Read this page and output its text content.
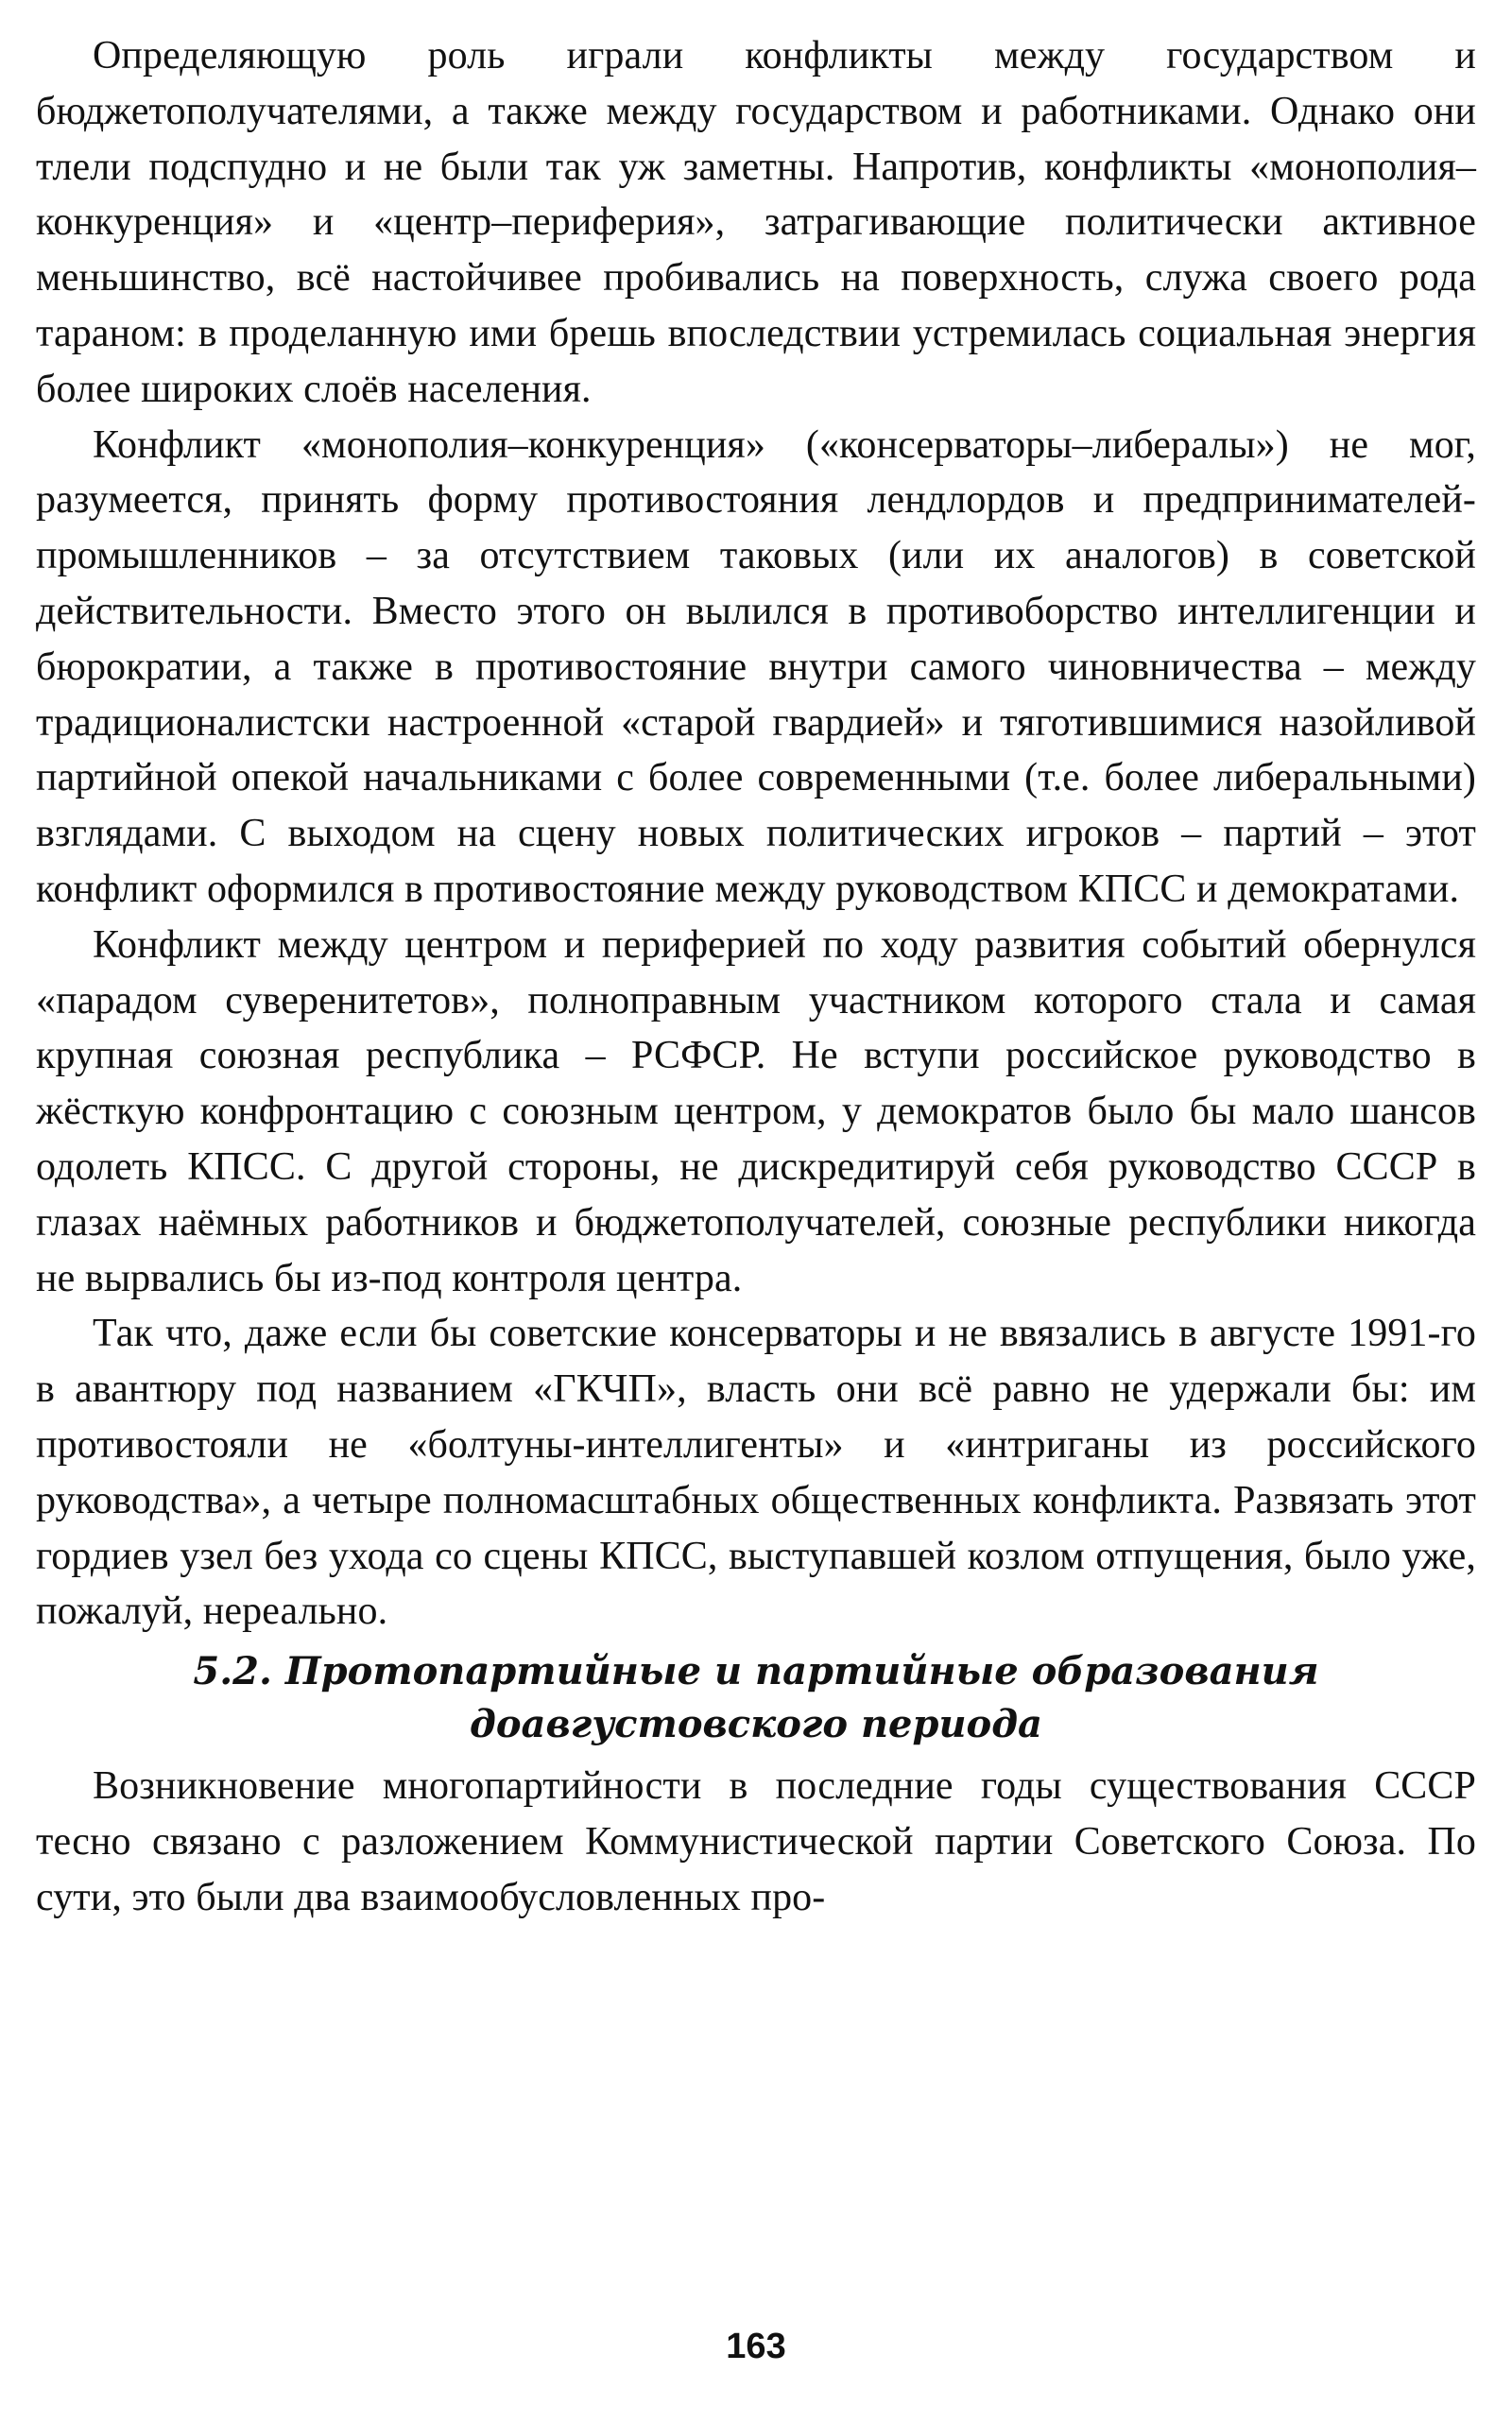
Определяющую роль играли конфликты между государством и бюджетополучателями, а также между государством и работниками. Однако они тлели подспудно и не были так уж заметны. Напротив, конфликты «монополия–конкуренция» и «центр–периферия», затрагивающие политически активное меньшинство, всё настойчивее пробивались на поверхность, служа своего рода тараном: в проделанную ими брешь впоследствии устремилась социальная энергия более широких слоёв населения.

Конфликт «монополия–конкуренция» («консерваторы–либералы») не мог, разумеется, принять форму противостояния лендлордов и предпринимателей-промышленников – за отсутствием таковых (или их аналогов) в советской действительности. Вместо этого он вылился в противоборство интеллигенции и бюрократии, а также в противостояние внутри самого чиновничества – между традиционалистски настроенной «старой гвардией» и тяготившимися назойливой партийной опекой начальниками с более современными (т.е. более либеральными) взглядами. С выходом на сцену новых политических игроков – партий – этот конфликт оформился в противостояние между руководством КПСС и демократами.

Конфликт между центром и периферией по ходу развития событий обернулся «парадом суверенитетов», полноправным участником которого стала и самая крупная союзная республика – РСФСР. Не вступи российское руководство в жёсткую конфронтацию с союзным центром, у демократов было бы мало шансов одолеть КПСС. С другой стороны, не дискредитируй себя руководство СССР в глазах наёмных работников и бюджетополучателей, союзные республики никогда не вырвались бы из-под контроля центра.

Так что, даже если бы советские консерваторы и не ввязались в августе 1991-го в авантюру под названием «ГКЧП», власть они всё равно не удержали бы: им противостояли не «болтуны-интеллигенты» и «интриганы из российского руководства», а четыре полномасштабных общественных конфликта. Развязать этот гордиев узел без ухода со сцены КПСС, выступавшей козлом отпущения, было уже, пожалуй, нереально.

5.2. Протопартийные и партийные образования
доавгустовского периода

Возникновение многопартийности в последние годы существования СССР тесно связано с разложением Коммунистической партии Советского Союза. По сути, это были два взаимообусловленных про-

163
